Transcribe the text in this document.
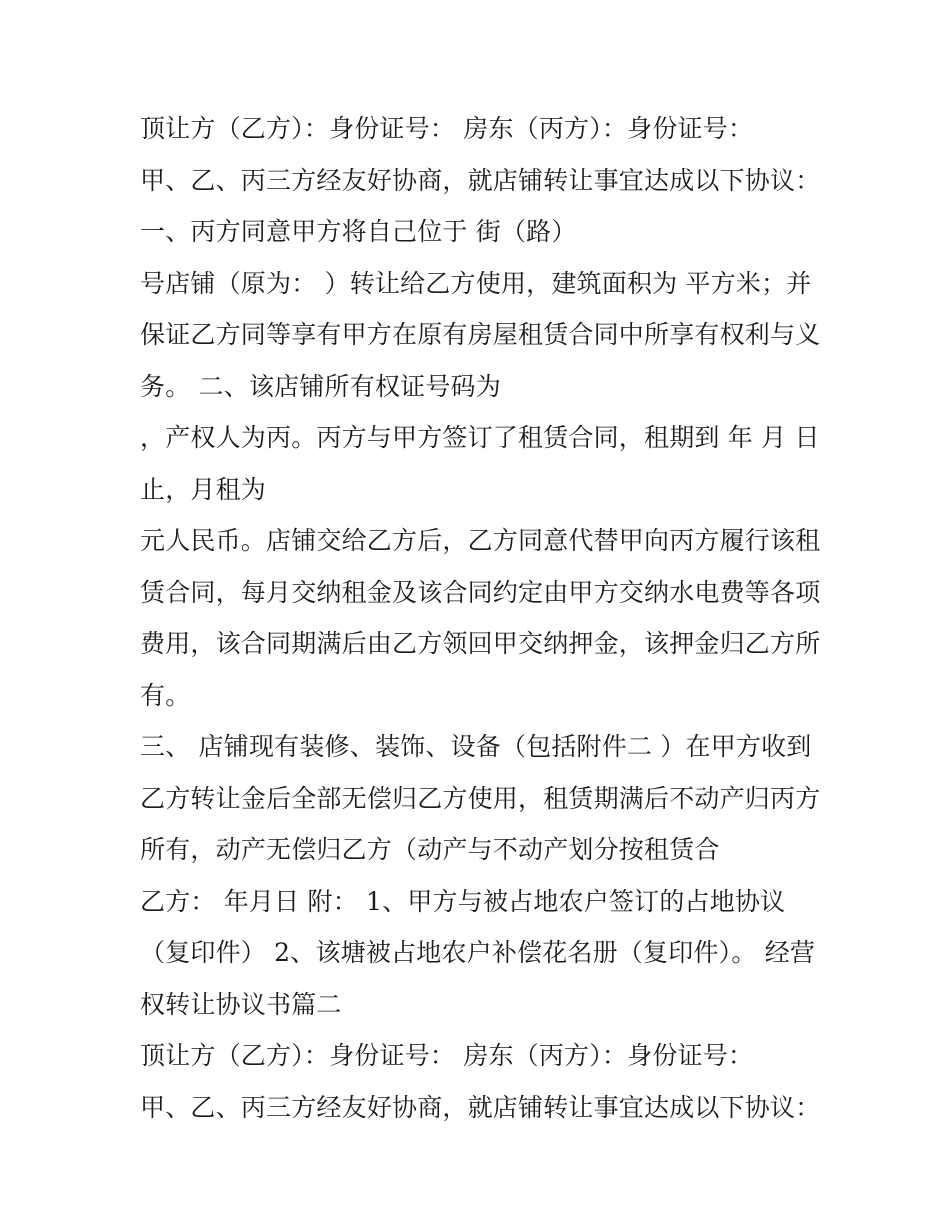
顶让方（乙方）：身份证号： 房东（丙方）：身份证号：
甲、乙、丙三方经友好协商，就店铺转让事宜达成以下协议：
一、丙方同意甲方将自己位于 街（路）
号店铺（原为： ）转让给乙方使用，建筑面积为 平方米；并
保证乙方同等享有甲方在原有房屋租赁合同中所享有权利与义
务。 二、该店铺所有权证号码为
，产权人为丙。丙方与甲方签订了租赁合同，租期到 年 月 日
止，月租为
元人民币。店铺交给乙方后，乙方同意代替甲向丙方履行该租
赁合同，每月交纳租金及该合同约定由甲方交纳水电费等各项
费用，该合同期满后由乙方领回甲交纳押金，该押金归乙方所
有。
三、 店铺现有装修、装饰、设备（包括附件二 ）在甲方收到
乙方转让金后全部无偿归乙方使用，租赁期满后不动产归丙方
所有，动产无偿归乙方（动产与不动产划分按租赁合
乙方： 年月日 附： 1、甲方与被占地农户签订的占地协议
（复印件） 2、该塘被占地农户补偿花名册（复印件）。 经营
权转让协议书篇二
顶让方（乙方）：身份证号： 房东（丙方）：身份证号：
甲、乙、丙三方经友好协商，就店铺转让事宜达成以下协议：
